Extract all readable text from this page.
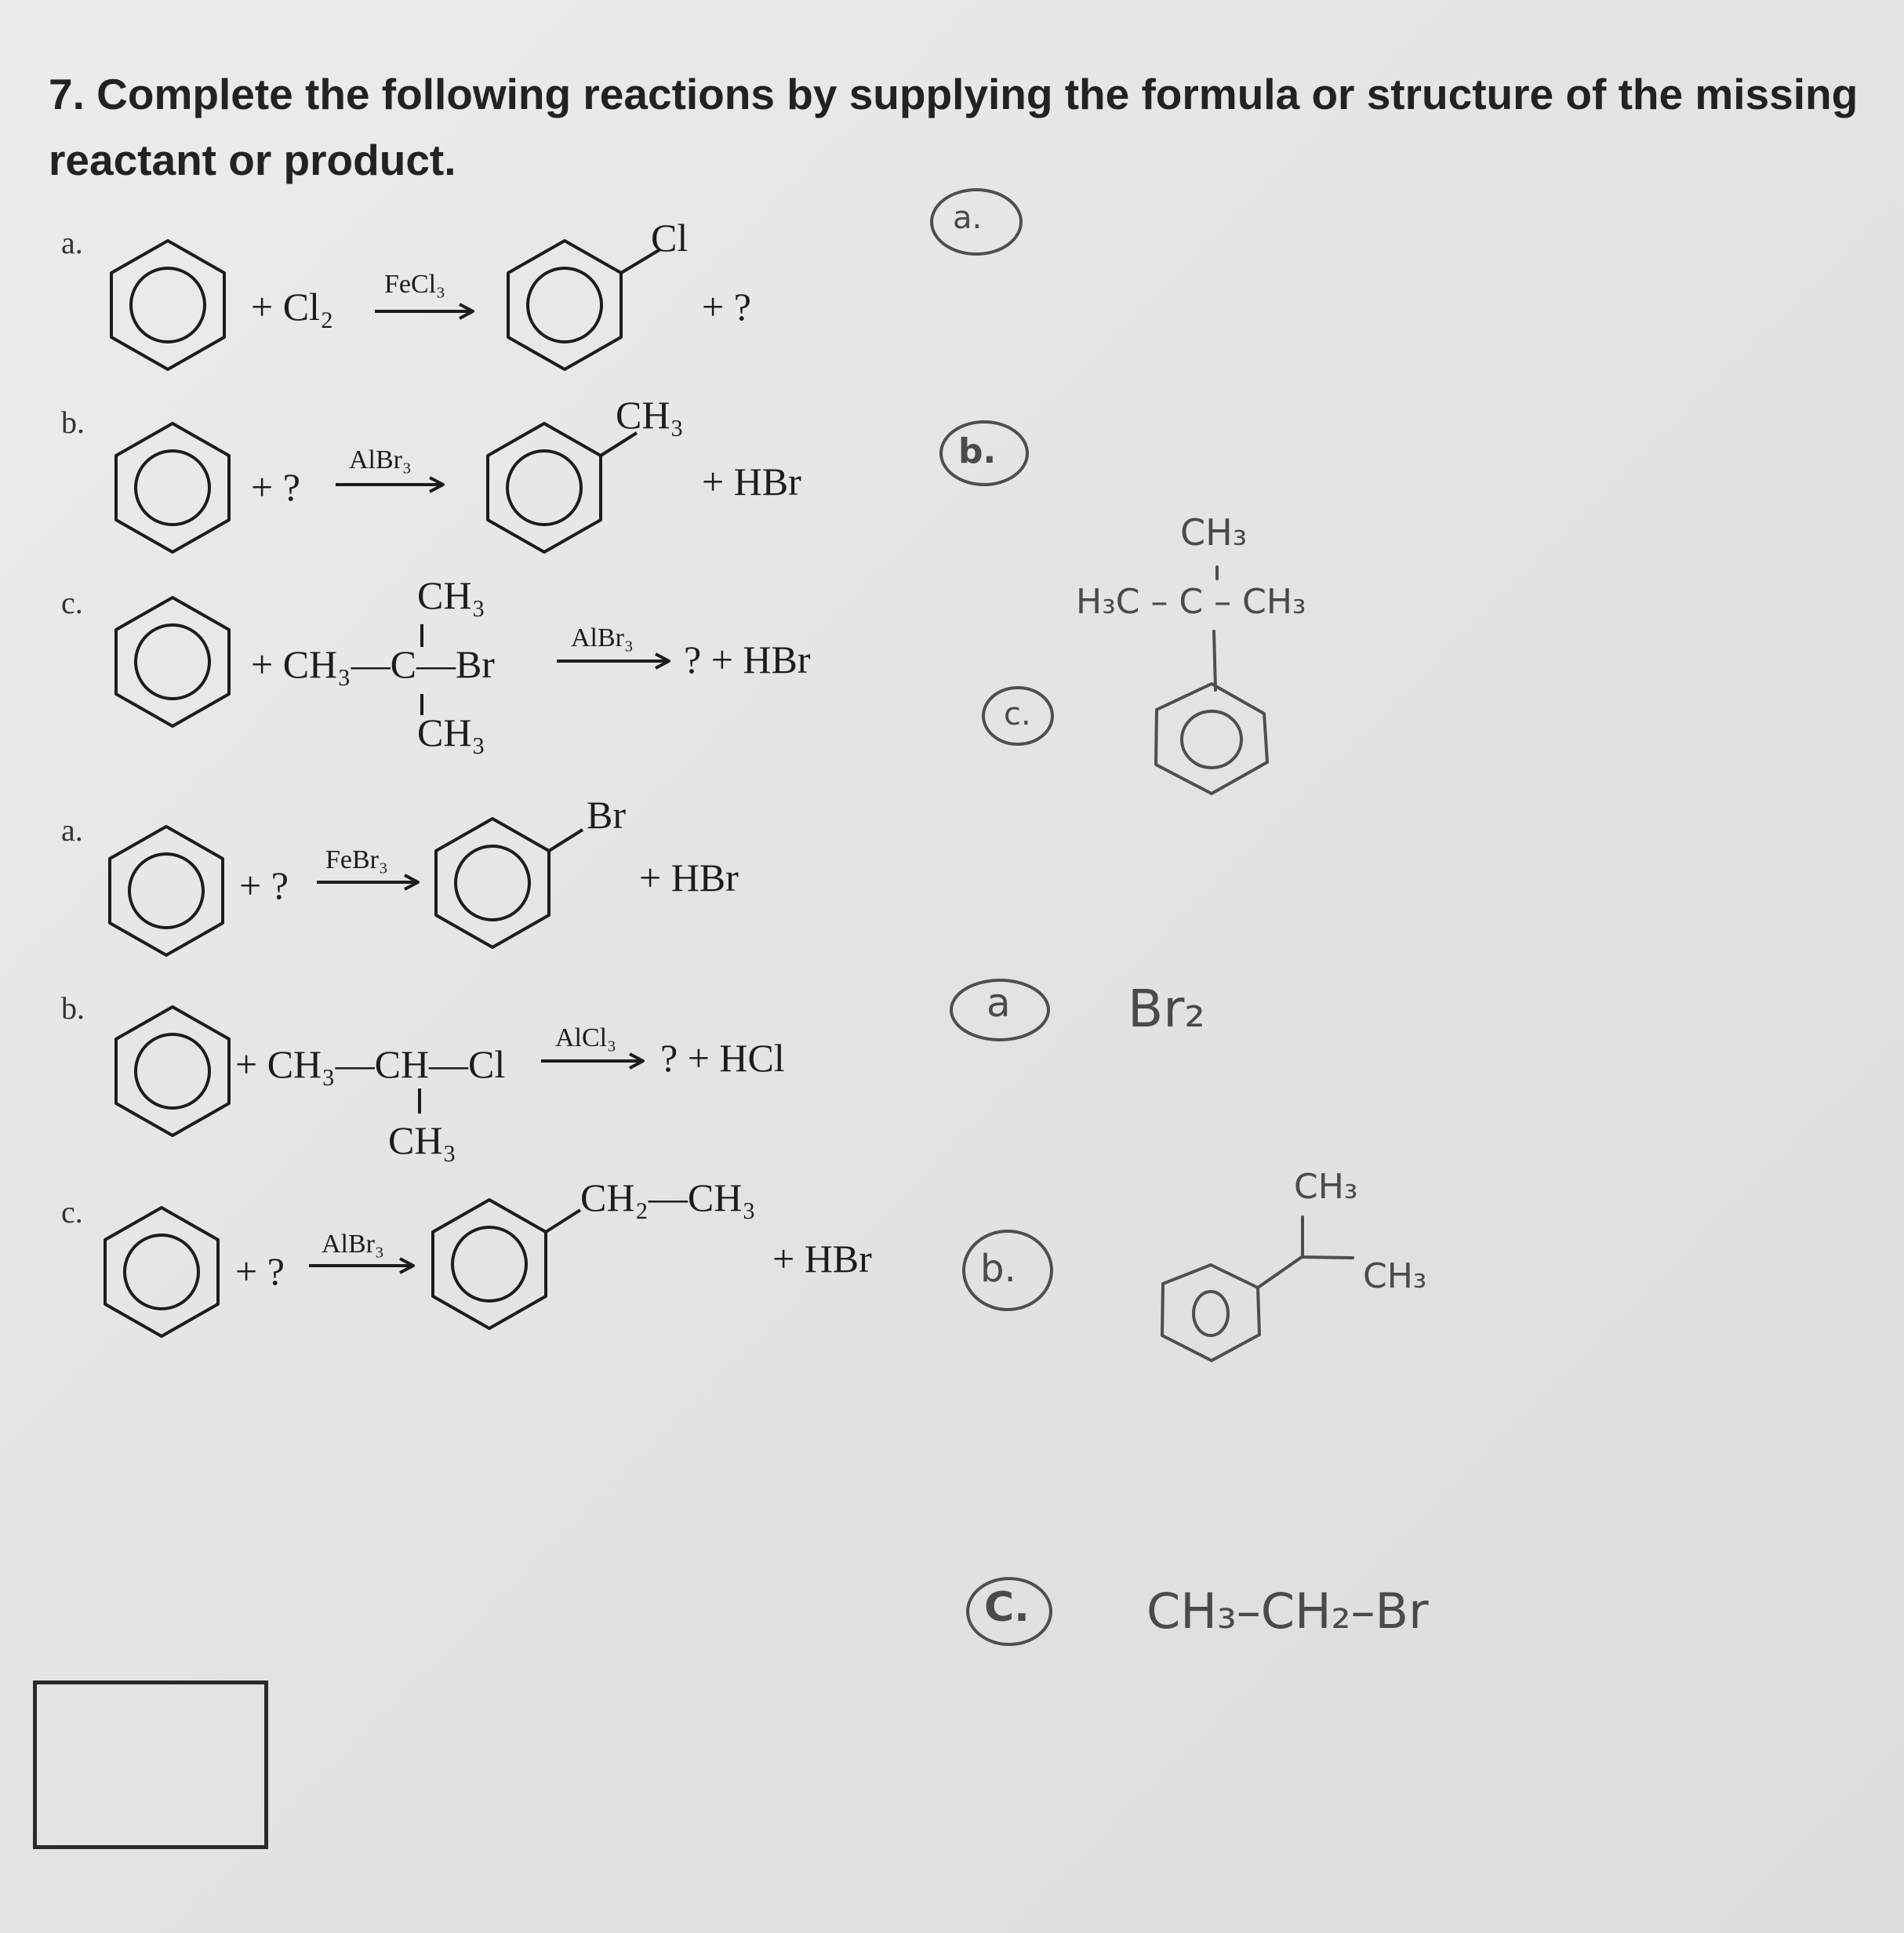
7. Complete the following reactions by supplying the formula or structure of the missing reactant or product.
a.
+ Cl₂
FeCl₃
Cl
+ ?
b.
+ ?
AlBr₃
CH₃
+ HBr
c.	CH₃
+ CH₃—C—Br
CH₃
AlBr₃ ? + HBr
a.
+ ?
FeBr₃
Br
+ HBr
b.
+ CH₃—CH—Cl
CH₃
AlCl₃ ? + HCl
c.
+ ?
AlBr₃
CH₂—CH₃
+ HBr
a.
b.
c.
CH₃
H₃C – C – CH₃
a Br₂
b.
CH₃
CH₃
C. CH₃–CH₂–Br
